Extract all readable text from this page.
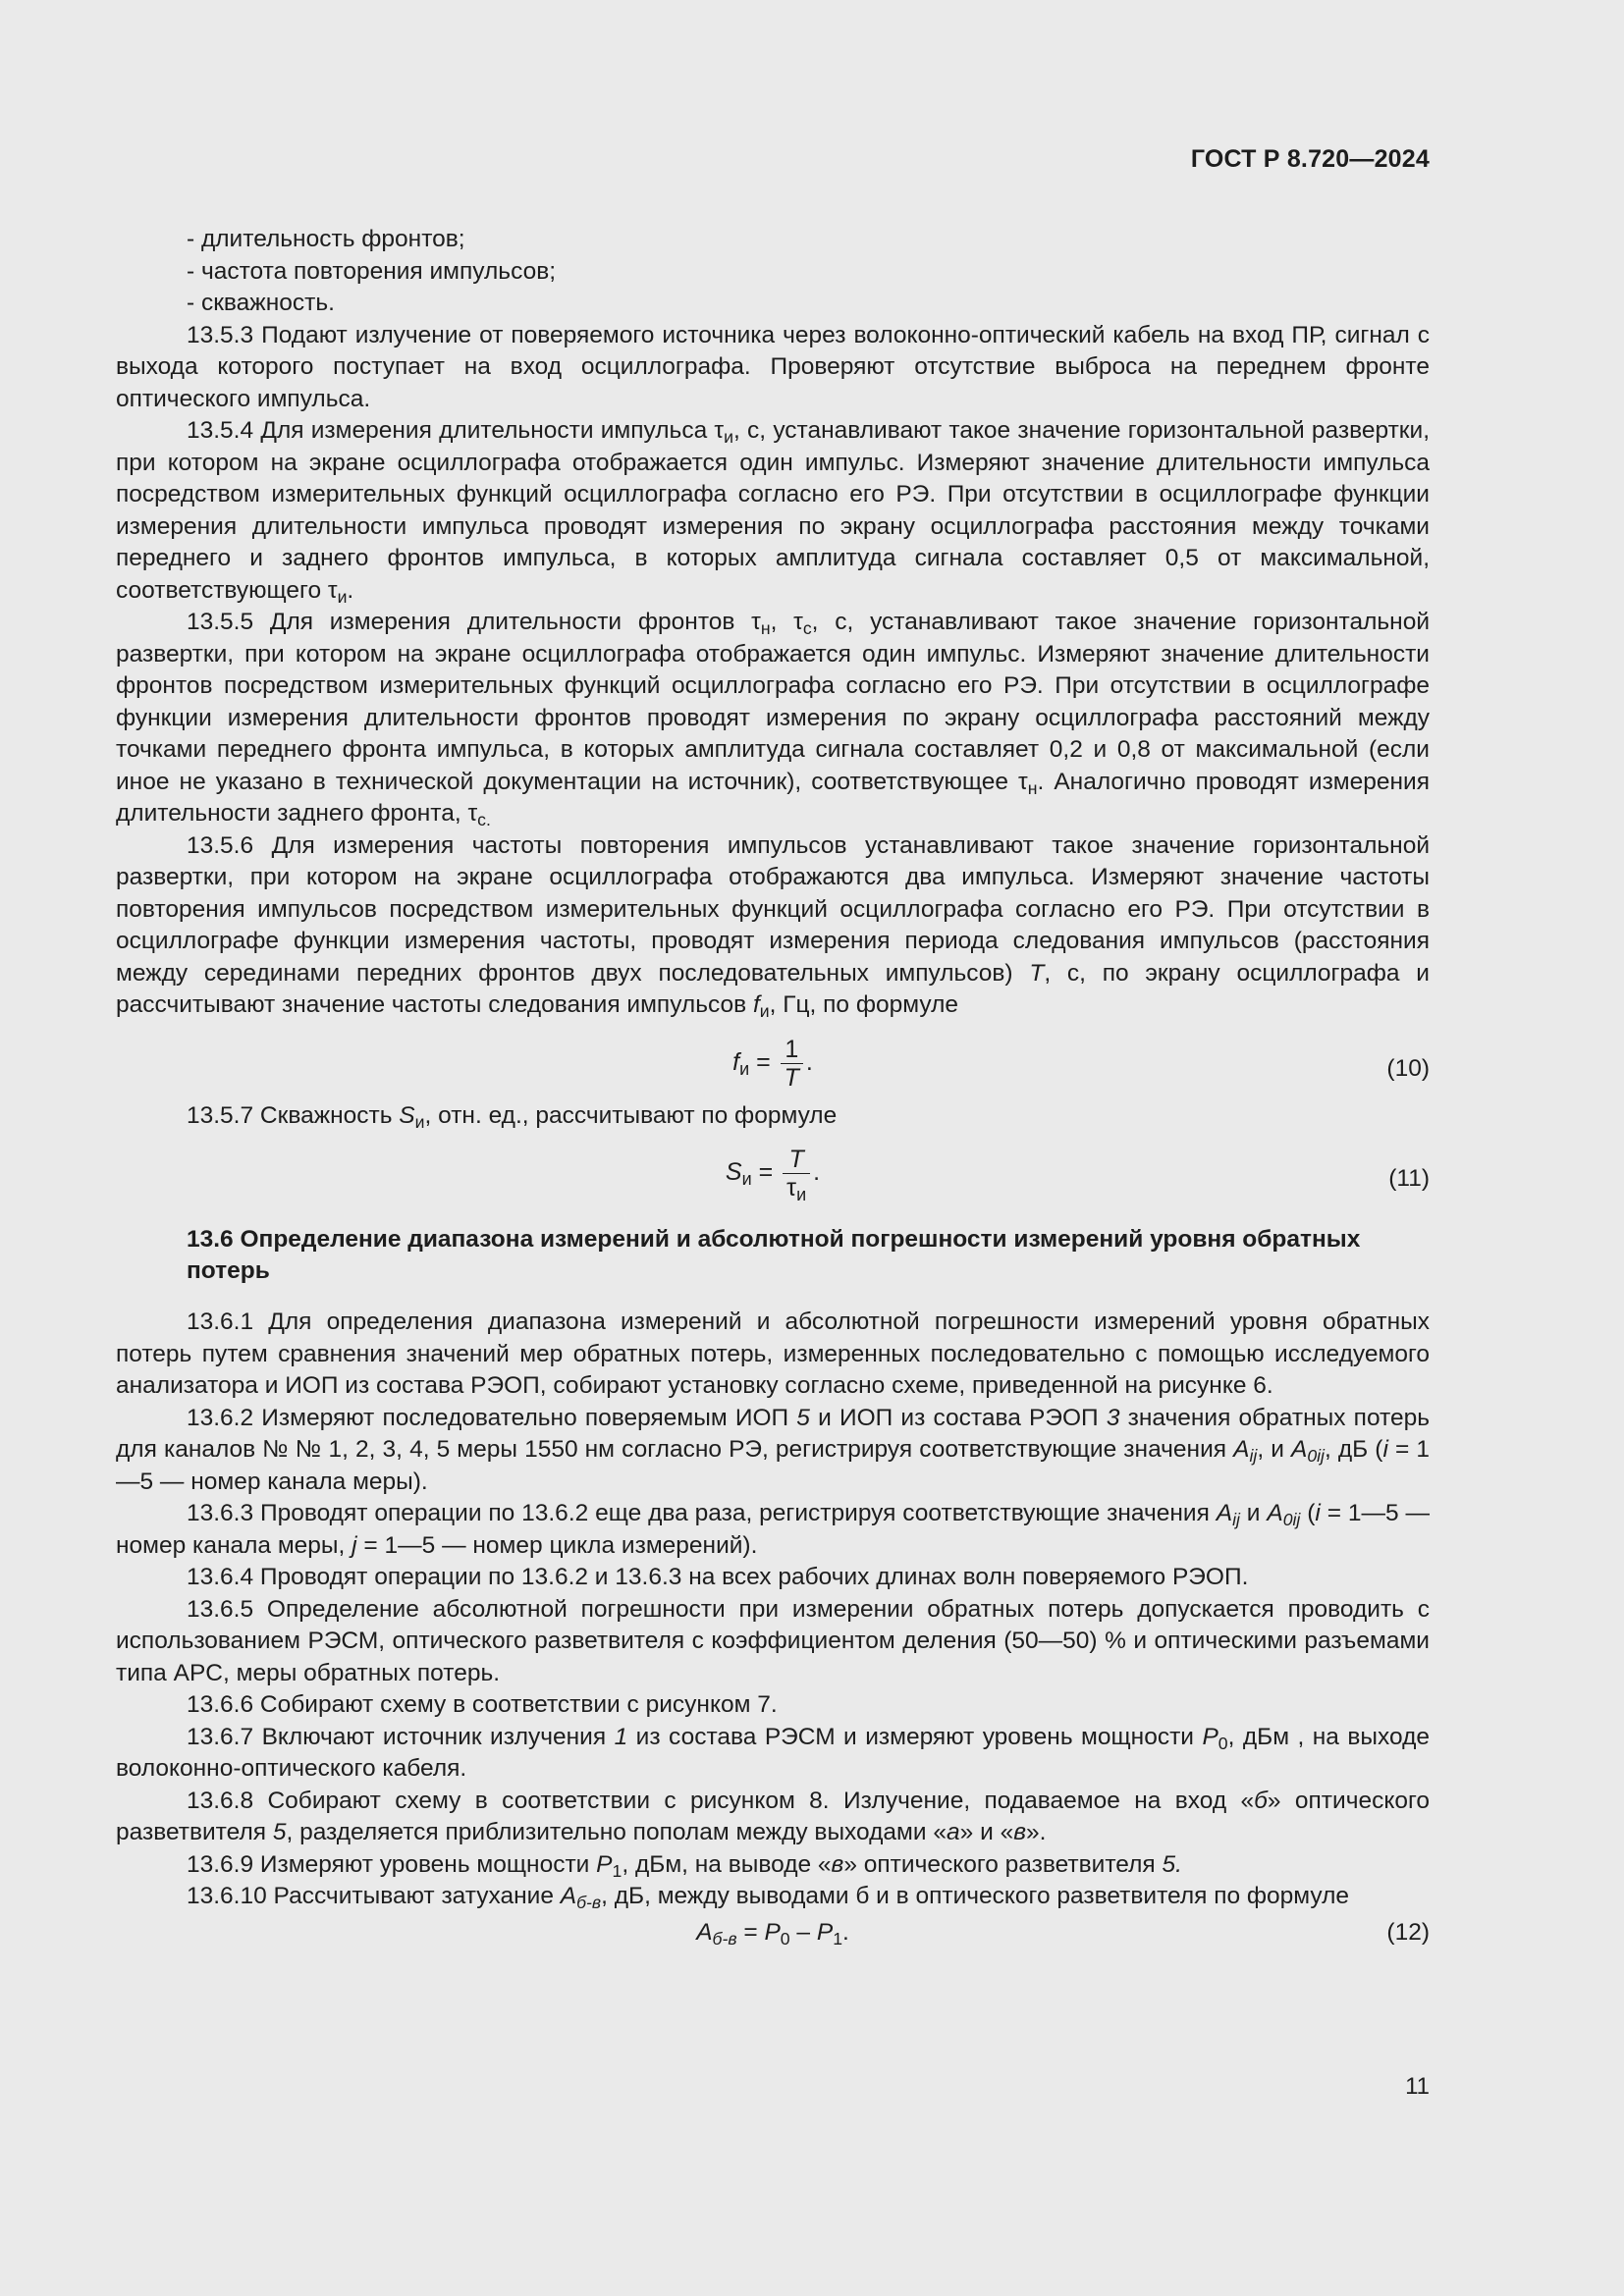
ГОСТ Р 8.720—2024

- длительность фронтов;

- частота повторения импульсов;

- скважность.

13.5.3 Подают излучение от поверяемого источника через волоконно-оптический кабель на вход ПР, сигнал с выхода которого поступает на вход осциллографа. Проверяют отсутствие выброса на переднем фронте оптического импульса.

13.5.4 Для измерения длительности импульса $\tau_и$, с, устанавливают такое значение горизонтальной развертки, при котором на экране осциллографа отображается один импульс. Измеряют значение длительности импульса посредством измерительных функций осциллографа согласно его РЭ. При отсутствии в осциллографе функции измерения длительности импульса проводят измерения по экрану осциллографа расстояния между точками переднего и заднего фронтов импульса, в которых амплитуда сигнала составляет 0,5 от максимальной, соответствующего $\tau_и$.

13.5.5 Для измерения длительности фронтов $\tau_н$, $\tau_с$, с, устанавливают такое значение горизонтальной развертки, при котором на экране осциллографа отображается один импульс. Измеряют значение длительности фронтов посредством измерительных функций осциллографа согласно его РЭ. При отсутствии в осциллографе функции измерения длительности фронтов проводят измерения по экрану осциллографа расстояний между точками переднего фронта импульса, в которых амплитуда сигнала составляет 0,2 и 0,8 от максимальной (если иное не указано в технической документации на источник), соответствующее $\tau_н$. Аналогично проводят измерения длительности заднего фронта, $\tau_{с.}$

13.5.6 Для измерения частоты повторения импульсов устанавливают такое значение горизонтальной развертки, при котором на экране осциллографа отображаются два импульса. Измеряют значение частоты повторения импульсов посредством измерительных функций осциллографа согласно его РЭ. При отсутствии в осциллографе функции измерения частоты, проводят измерения периода следования импульсов (расстояния между серединами передних фронтов двух последовательных импульсов) T, с, по экрану осциллографа и рассчитывают значение частоты следования импульсов $f_и$, Гц, по формуле

$f_и = \frac{1}{T}$ .	(10)

13.5.7 Скважность $S_и$, отн. ед., рассчитывают по формуле

$S_и = \frac{T}{\tau_и}$ .	(11)
13.6 Определение диапазона измерений и абсолютной погрешности измерений уровня обратных потерь

13.6.1 Для определения диапазона измерений и абсолютной погрешности измерений уровня обратных потерь путем сравнения значений мер обратных потерь, измеренных последовательно с помощью исследуемого анализатора и ИОП из состава РЭОП, собирают установку согласно схеме, приведенной на рисунке 6.

13.6.2 Измеряют последовательно поверяемым ИОП 5 и ИОП из состава РЭОП 3 значения обратных потерь для каналов № № 1, 2, 3, 4, 5 меры 1550 нм согласно РЭ, регистрируя соответствующие значения $A_{ij}$, и $A_{0ij}$, дБ (i = 1—5 — номер канала меры).

13.6.3 Проводят операции по 13.6.2 еще два раза, регистрируя соответствующие значения $A_{ij}$ и $A_{0ij}$ (i = 1—5 — номер канала меры, j = 1—5 — номер цикла измерений).

13.6.4 Проводят операции по 13.6.2 и 13.6.3 на всех рабочих длинах волн поверяемого РЭОП.

13.6.5 Определение абсолютной погрешности при измерении обратных потерь допускается проводить с использованием РЭСМ, оптического разветвителя с коэффициентом деления (50—50) % и оптическими разъемами типа APC, меры обратных потерь.

13.6.6 Собирают схему в соответствии с рисунком 7.

13.6.7 Включают источник излучения 1 из состава РЭСМ и измеряют уровень мощности $P_0$, дБм , на выходе волоконно-оптического кабеля.

13.6.8 Собирают схему в соответствии с рисунком 8. Излучение, подаваемое на вход «б» оптического разветвителя 5, разделяется приблизительно пополам между выходами «а» и «в».

13.6.9 Измеряют уровень мощности $P_1$, дБм, на выводе «в» оптического разветвителя 5.

13.6.10 Рассчитывают затухание $A_{б-в}$, дБ, между выводами б и в оптического разветвителя по формуле

$A_{б-в} = P_0 - P_1$.	(12)
11
